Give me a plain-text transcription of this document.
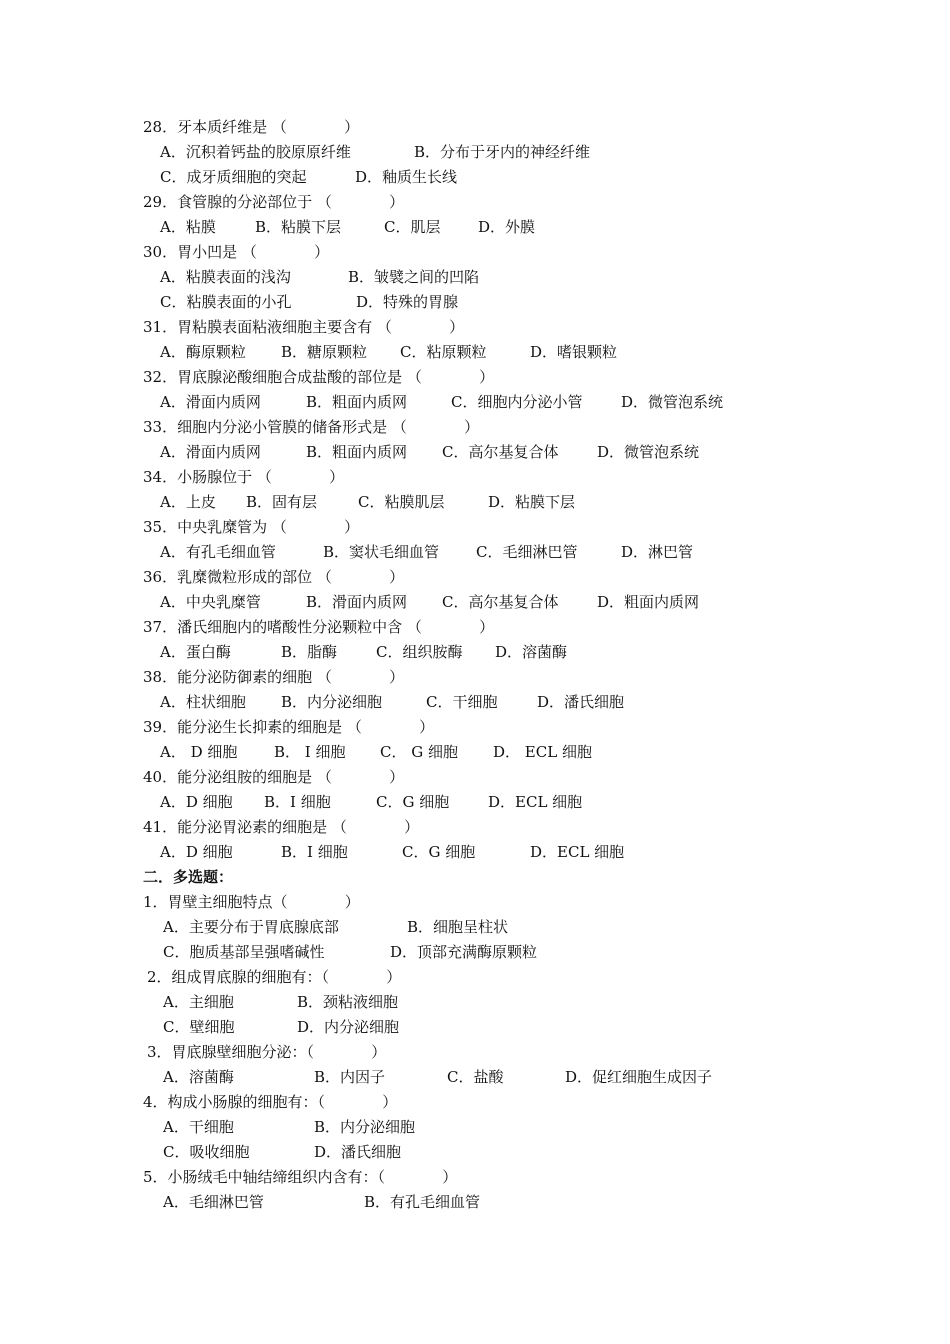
28．牙本质纤维是 （            ）

A．沉积着钙盐的胶原原纤维

	B．分布于牙内的神经纤维

C．成牙质细胞的突起

	D．釉质生长线

29．食管腺的分泌部位于 （            ）

A．粘膜

	B．粘膜下层

	C．肌层

	D．外膜

30．胃小凹是 （            ）

A．粘膜表面的浅沟

	B．皱襞之间的凹陷

C．粘膜表面的小孔

	D．特殊的胃腺

31．胃粘膜表面粘液细胞主要含有 （            ）

A．酶原颗粒

B．糖原颗粒

C．粘原颗粒

	D．嗜银颗粒

32．胃底腺泌酸细胞合成盐酸的部位是 （            ）

A．滑面内质网

	B．粗面内质网

	C．细胞内分泌小管

	D．微管泡系统

33．细胞内分泌小管膜的储备形式是 （            ）

A．滑面内质网

	B．粗面内质网

C．高尔基复合体

	D．微管泡系统

34．小肠腺位于 （            ）

A．上皮

B．固有层

	C．粘膜肌层

	D．粘膜下层

35．中央乳糜管为 （            ）

A．有孔毛细血管

	B．窦状毛细血管

C．毛细淋巴管

	D．淋巴管

36．乳糜微粒形成的部位 （            ）

A．中央乳糜管

	B．滑面内质网

C．高尔基复合体

	D．粗面内质网

37．潘氏细胞内的嗜酸性分泌颗粒中含 （            ）

A．蛋白酶

	B．脂酶

	C．组织胺酶

D．溶菌酶

38．能分泌防御素的细胞 （            ）

A．柱状细胞

B．内分泌细胞

	C．干细胞

	D．潘氏细胞

39．能分泌生长抑素的细胞是 （            ）

A． D 细胞

B． I 细胞

C． G 细胞

D． ECL 细胞

40．能分泌组胺的细胞是 （            ）

A．D 细胞

B．I 细胞

	C．G 细胞

	D．ECL 细胞

41．能分泌胃泌素的细胞是 （            ）

A．D 细胞

	B．I 细胞

	C．G 细胞

	D．ECL 细胞

二．多选题：
1．胃壁主细胞特点（            ）

A．主要分布于胃底腺底部

	B．细胞呈柱状

C．胞质基部呈强嗜碱性

	D．顶部充满酶原颗粒

2．组成胃底腺的细胞有：（            ）

A．主细胞

	B．颈粘液细胞

C．壁细胞

	D．内分泌细胞

3．胃底腺壁细胞分泌：（            ）

A．溶菌酶

	B．内因子

	C．盐酸

	D．促红细胞生成因子

4．构成小肠腺的细胞有：（            ）

A．干细胞

	B．内分泌细胞

C．吸收细胞

	D．潘氏细胞

5．小肠绒毛中轴结缔组织内含有：（            ）

A．毛细淋巴管

	B．有孔毛细血管
